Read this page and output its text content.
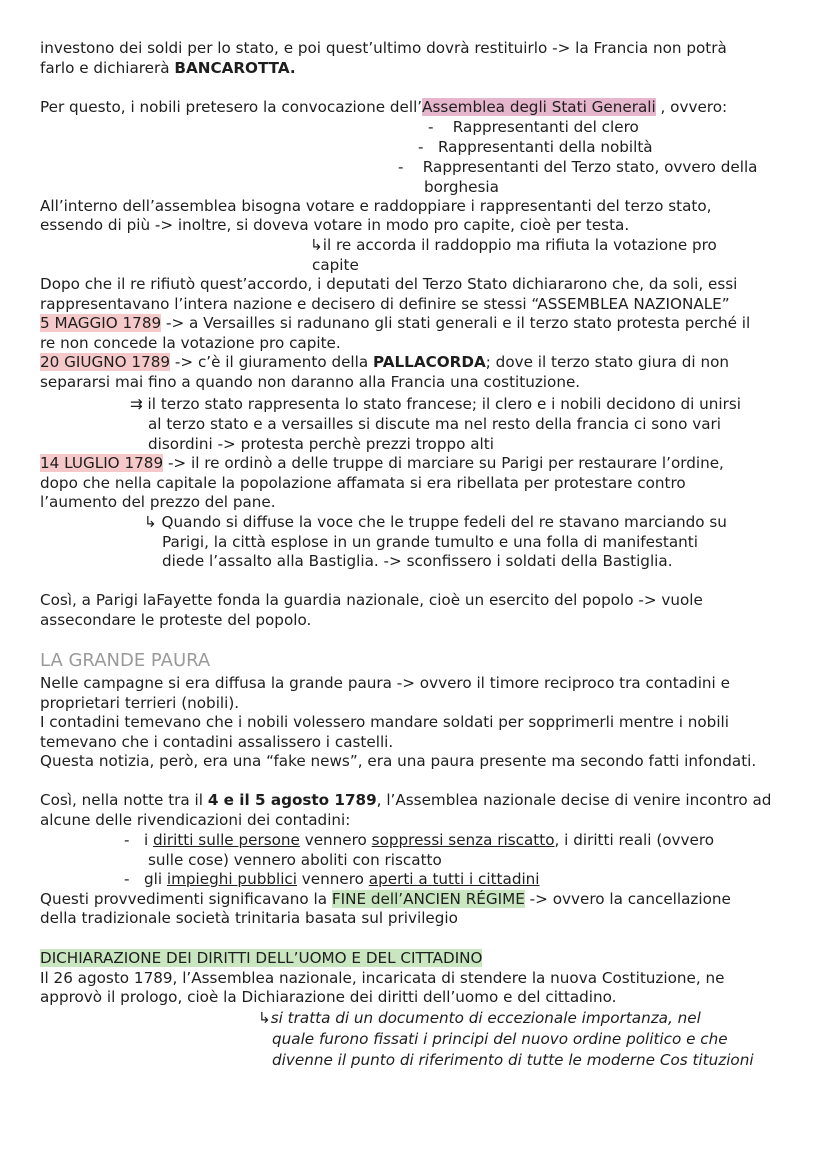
investono dei soldi per lo stato, e poi quest’ultimo dovrà restituirlo -> la Francia non potrà
farlo e dichiarerà BANCAROTTA.
Per questo, i nobili pretesero la convocazione dell’Assemblea degli Stati Generali , ovvero:
- Rappresentanti del clero
- Rappresentanti della nobiltà
- Rappresentanti del Terzo stato, ovvero della
borghesia
All’interno dell’assemblea bisogna votare e raddoppiare i rappresentanti del terzo stato,
essendo di più -> inoltre, si doveva votare in modo pro capite, cioè per testa.
↳il re accorda il raddoppio ma rifiuta la votazione pro
capite
Dopo che il re rifiutò quest’accordo, i deputati del Terzo Stato dichiararono che, da soli, essi
rappresentavano l’intera nazione e decisero di definire se stessi “ASSEMBLEA NAZIONALE”
5 MAGGIO 1789 -> a Versailles si radunano gli stati generali e il terzo stato protesta perché il
re non concede la votazione pro capite.
20 GIUGNO 1789 -> c’è il giuramento della PALLACORDA; dove il terzo stato giura di non
separarsi mai fino a quando non daranno alla Francia una costituzione.
⇉ il terzo stato rappresenta lo stato francese; il clero e i nobili decidono di unirsi
al terzo stato e a versailles si discute ma nel resto della francia ci sono vari
disordini -> protesta perchè prezzi troppo alti
14 LUGLIO 1789 -> il re ordinò a delle truppe di marciare su Parigi per restaurare l’ordine,
dopo che nella capitale la popolazione affamata si era ribellata per protestare contro
l’aumento del prezzo del pane.
↳ Quando si diffuse la voce che le truppe fedeli del re stavano marciando su
Parigi, la città esplose in un grande tumulto e una folla di manifestanti
diede l’assalto alla Bastiglia. -> sconfissero i soldati della Bastiglia.
Così, a Parigi laFayette fonda la guardia nazionale, cioè un esercito del popolo -> vuole
assecondare le proteste del popolo.
LA GRANDE PAURA
Nelle campagne si era diffusa la grande paura -> ovvero il timore reciproco tra contadini e
proprietari terrieri (nobili).
I contadini temevano che i nobili volessero mandare soldati per sopprimerli mentre i nobili
temevano che i contadini assalissero i castelli.
Questa notizia, però, era una “fake news”, era una paura presente ma secondo fatti infondati.
Così, nella notte tra il 4 e il 5 agosto 1789, l’Assemblea nazionale decise di venire incontro ad
alcune delle rivendicazioni dei contadini:
- i diritti sulle persone vennero soppressi senza riscatto, i diritti reali (ovvero
sulle cose) vennero aboliti con riscatto
- gli impieghi pubblici vennero aperti a tutti i cittadini
Questi provvedimenti significavano la FINE dell’ANCIEN RÉGIME -> ovvero la cancellazione
della tradizionale società trinitaria basata sul privilegio
DICHIARAZIONE DEI DIRITTI DELL’UOMO E DEL CITTADINO
Il 26 agosto 1789, l’Assemblea nazionale, incaricata di stendere la nuova Costituzione, ne
approvò il prologo, cioè la Dichiarazione dei diritti dell’uomo e del cittadino.
↳si tratta di un documento di eccezionale importanza, nel
quale furono fissati i principi del nuovo ordine politico e che
divenne il punto di riferimento di tutte le moderne Cos tituzioni
